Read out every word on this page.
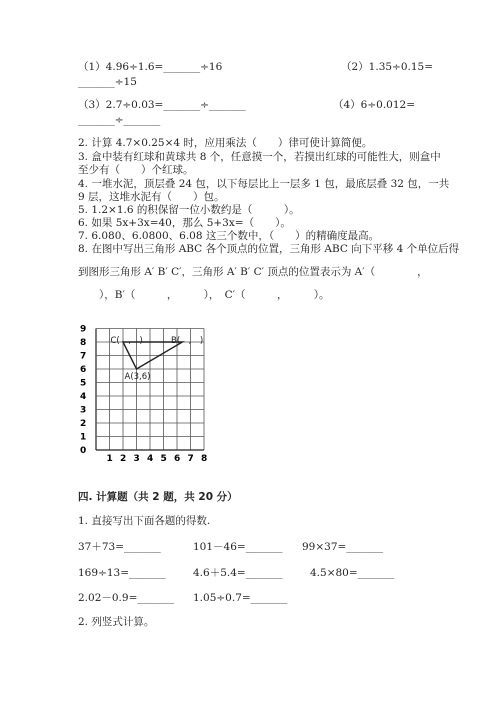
（1）4.96÷1.6=_______÷16	（2）1.35÷0.15=
_______÷15
（3）2.7÷0.03=_______÷_______	（4）6÷0.012=
_______÷_______
2. 计算 4.7×0.25×4 时，应用乘法（　　）律可使计算简便。
3. 盒中装有红球和黄球共 8 个，任意摸一个，若摸出红球的可能性大，则盒中
至少有（　　）个红球。
4. 一堆水泥，顶层叠 24 包，以下每层比上一层多 1 包，最底层叠 32 包，一共
9 层，这堆水泥有（　　）包。
5. 1.2×1.6 的积保留一位小数约是（　　　）。
6. 如果 5x+3x=40，那么 5+3x=（　　）。
7. 6.080、6.0800、6.08 这三个数中，（　　）的精确度最高。
8. 在图中写出三角形 ABC 各个顶点的位置，三角形 ABC 向下平移 4 个单位后得
到图形三角形 A′ B′ C′，三角形 A′ B′ C′ 顶点的位置表示为 A′（　　　　，
　　），B′（　　　，　　　），　C′（　　　，　　　）。
1 2 3 4 5 6 7 8
0
1
2
3
4
5
6
7
8
9
A(3,6)
B(　,　)
C(　,　)
四. 计算题（共 2 题，共 20 分）
1. 直接写出下面各题的得数.
37＋73=_______	101－46=_______ 99×37=_______
169÷13=_______	4.6＋5.4=_______	4.5×80=_______
2.02－0.9=_______ 1.05÷0.7=_______
2. 列竖式计算。
